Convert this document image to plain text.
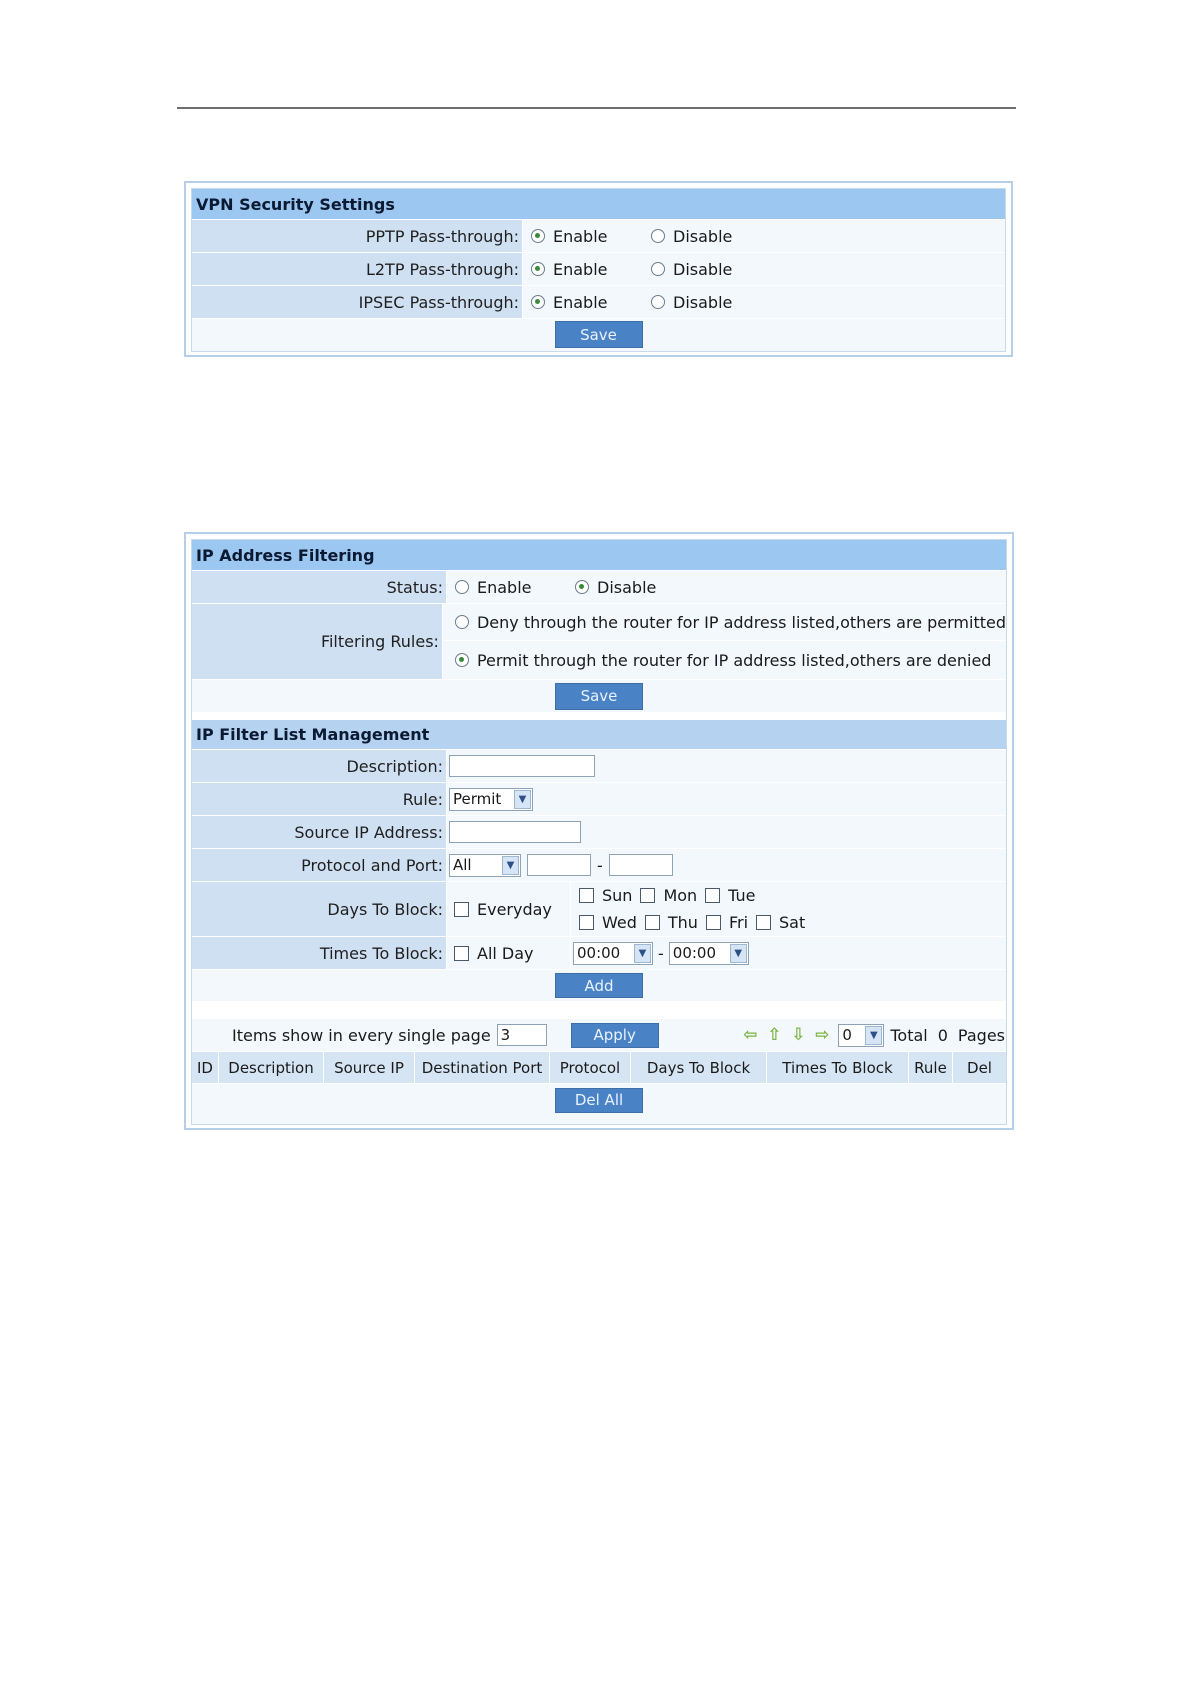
VPN Security Settings
PPTP Pass-through: Enable	Disable
L2TP Pass-through: Enable	Disable
IPSEC Pass-through: Enable	Disable
Save
IP Address Filtering
Status: Enable	Disable
Filtering Rules:
Deny through the router for IP address listed,others are permitted
Permit through the router for IP address listed,others are denied
Save
IP Filter List Management
Description:
Rule: Permit	▼
Source IP Address:
Protocol and Port: All	▼	-
Days To Block: Everyday
Sun Mon Tue
Wed Thu Fri Sat
Times To Block: All Day	00:00	▼ - 00:00	▼
Add
Items show in every single page 3	Apply	⇦ ⇧ ⇩ ⇨ 0	▼ Total 0 Pages
ID	Description	Source IP	Destination Port	Protocol	Days To Block	Times To Block	Rule	Del
Del All
